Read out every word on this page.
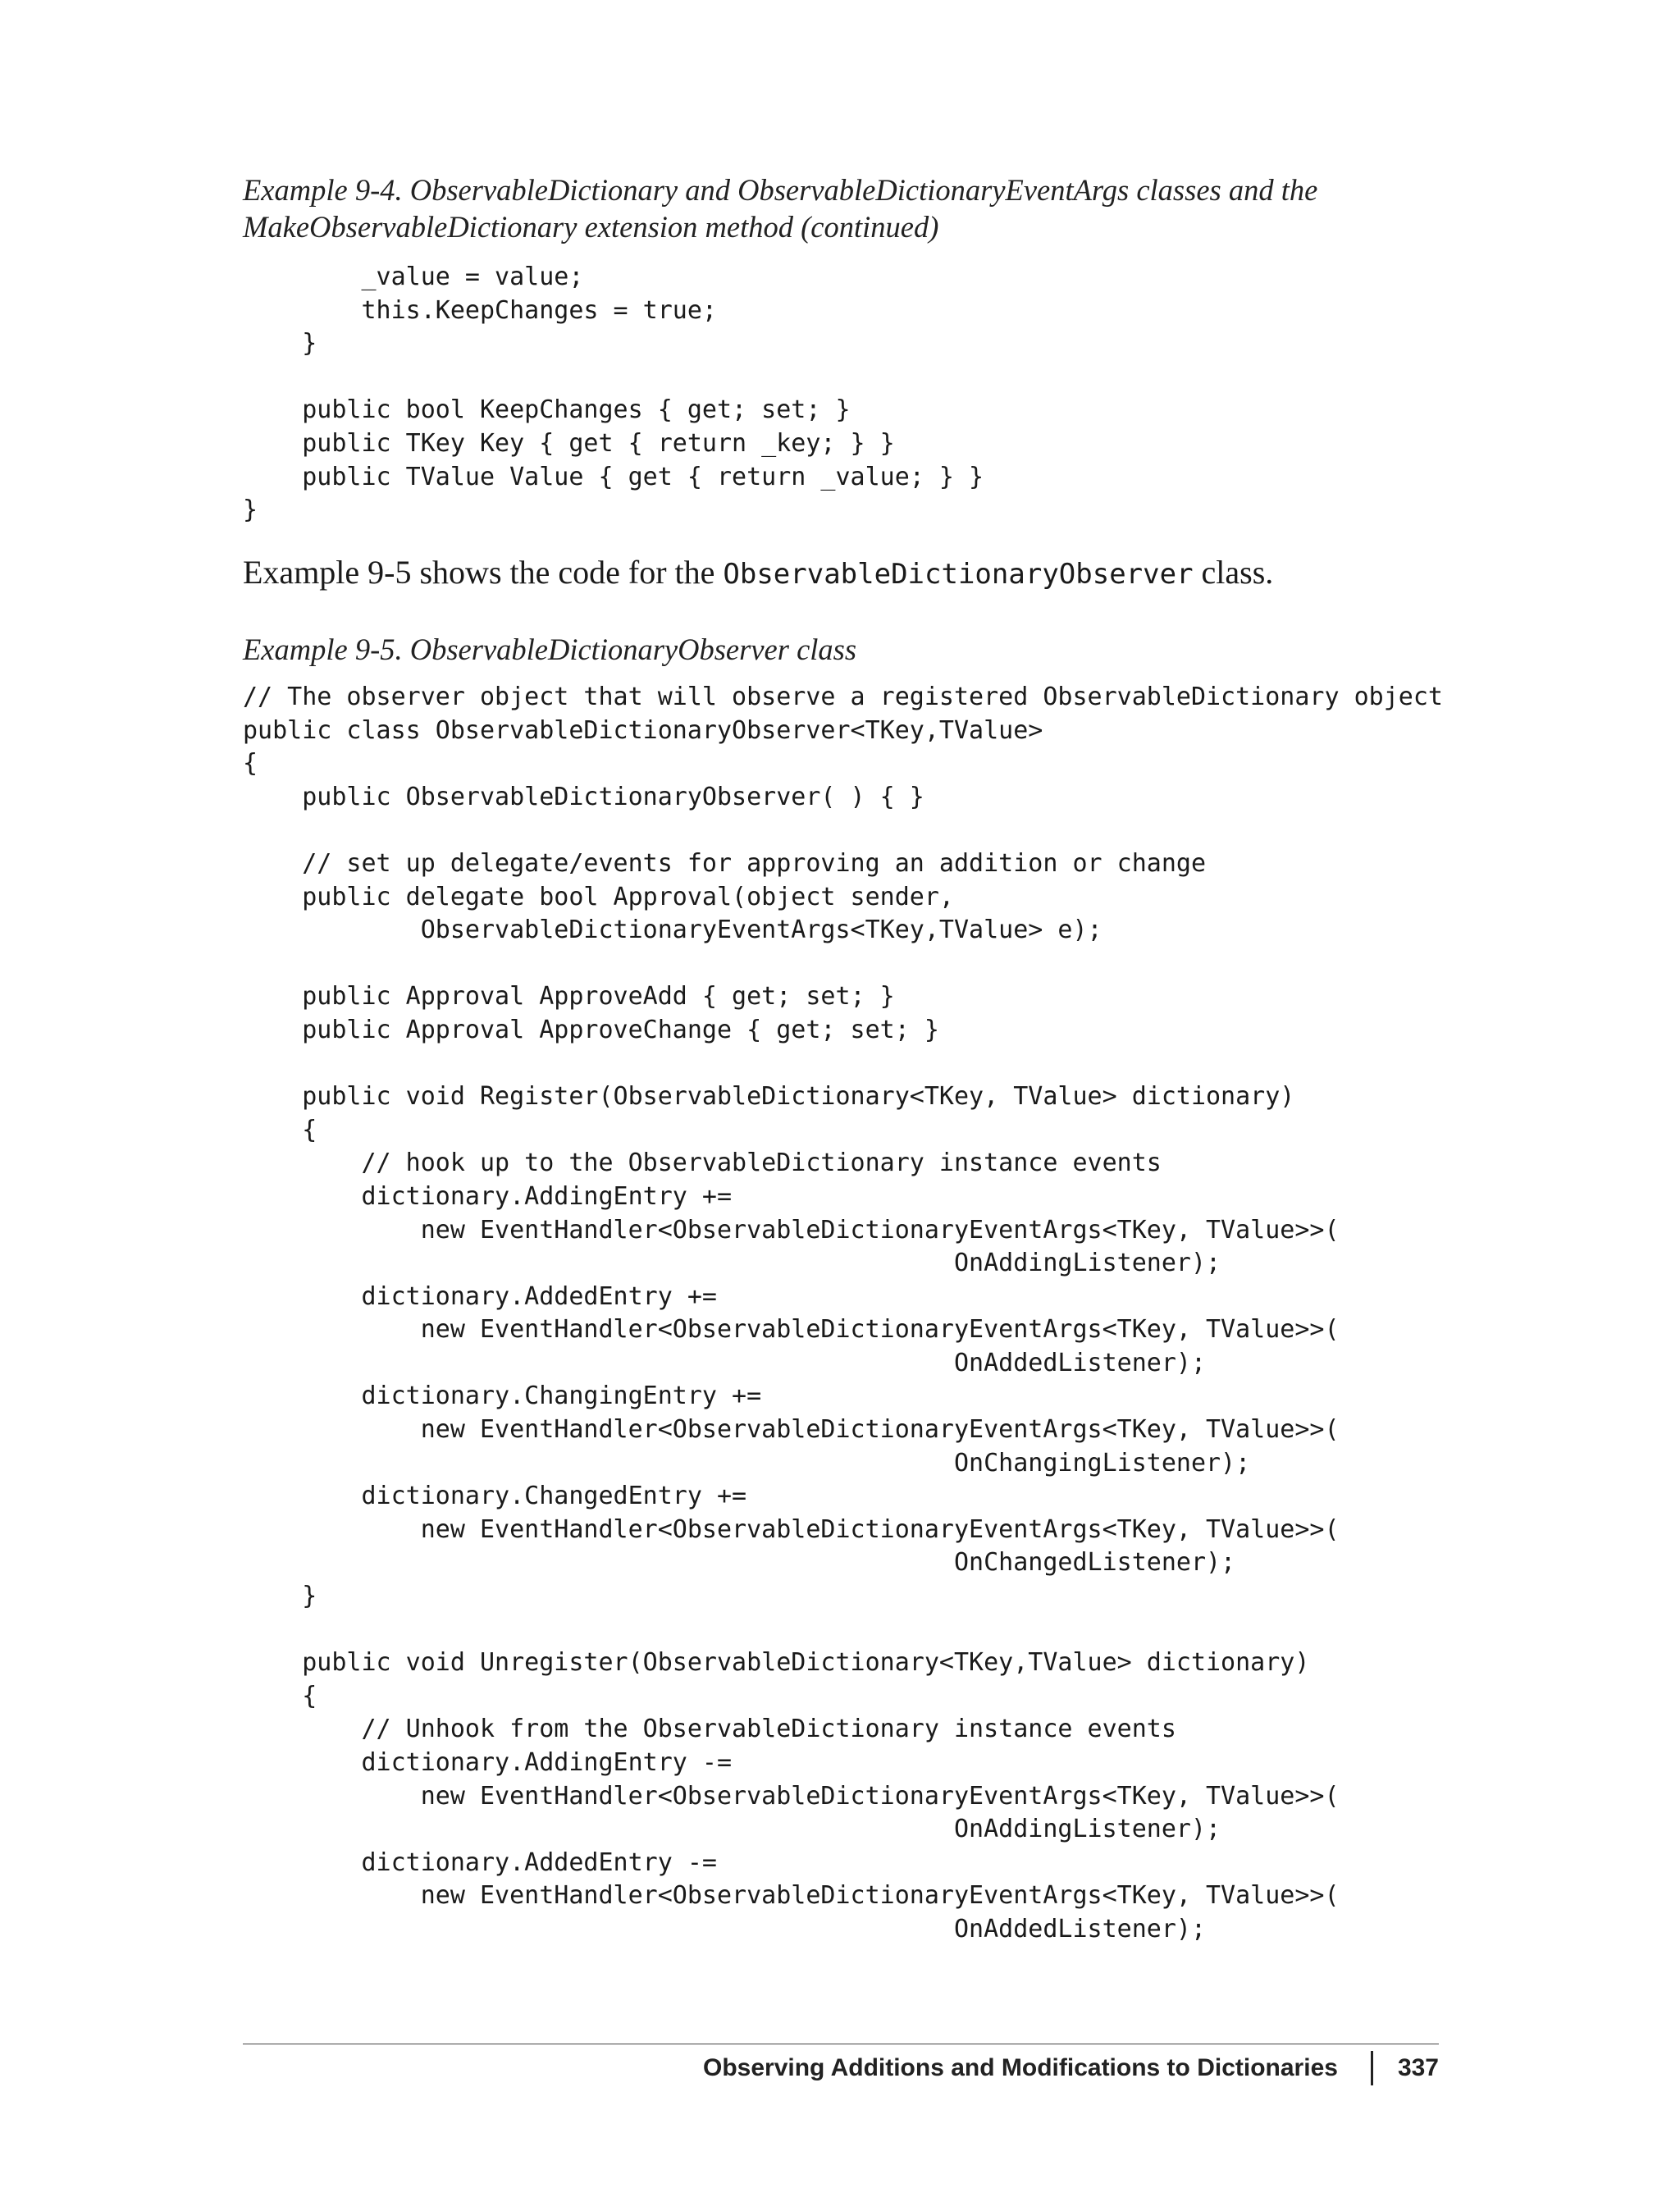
Example 9-4. ObservableDictionary and ObservableDictionaryEventArgs classes and the
MakeObservableDictionary extension method (continued)
_value = value;
this.KeepChanges = true;
}
public bool KeepChanges { get; set; }
public TKey Key { get { return _key; } }
public TValue Value { get { return _value; } }
}

Example 9-5 shows the code for the ObservableDictionaryObserver class.

Example 9-5. ObservableDictionaryObserver class
// The observer object that will observe a registered ObservableDictionary object
public class ObservableDictionaryObserver<TKey,TValue>
{
public ObservableDictionaryObserver( ) { }
// set up delegate/events for approving an addition or change
public delegate bool Approval(object sender,
ObservableDictionaryEventArgs<TKey,TValue> e);
public Approval ApproveAdd { get; set; }
public Approval ApproveChange { get; set; }
public void Register(ObservableDictionary<TKey, TValue> dictionary)
{
// hook up to the ObservableDictionary instance events
dictionary.AddingEntry +=
new EventHandler<ObservableDictionaryEventArgs<TKey, TValue>>(
OnAddingListener);
dictionary.AddedEntry +=
new EventHandler<ObservableDictionaryEventArgs<TKey, TValue>>(
OnAddedListener);
dictionary.ChangingEntry +=
new EventHandler<ObservableDictionaryEventArgs<TKey, TValue>>(
OnChangingListener);
dictionary.ChangedEntry +=
new EventHandler<ObservableDictionaryEventArgs<TKey, TValue>>(
OnChangedListener);
}
public void Unregister(ObservableDictionary<TKey,TValue> dictionary)
{
// Unhook from the ObservableDictionary instance events
dictionary.AddingEntry -=
new EventHandler<ObservableDictionaryEventArgs<TKey, TValue>>(
OnAddingListener);
dictionary.AddedEntry -=
new EventHandler<ObservableDictionaryEventArgs<TKey, TValue>>(
OnAddedListener);
Observing Additions and Modifications to Dictionaries 337
